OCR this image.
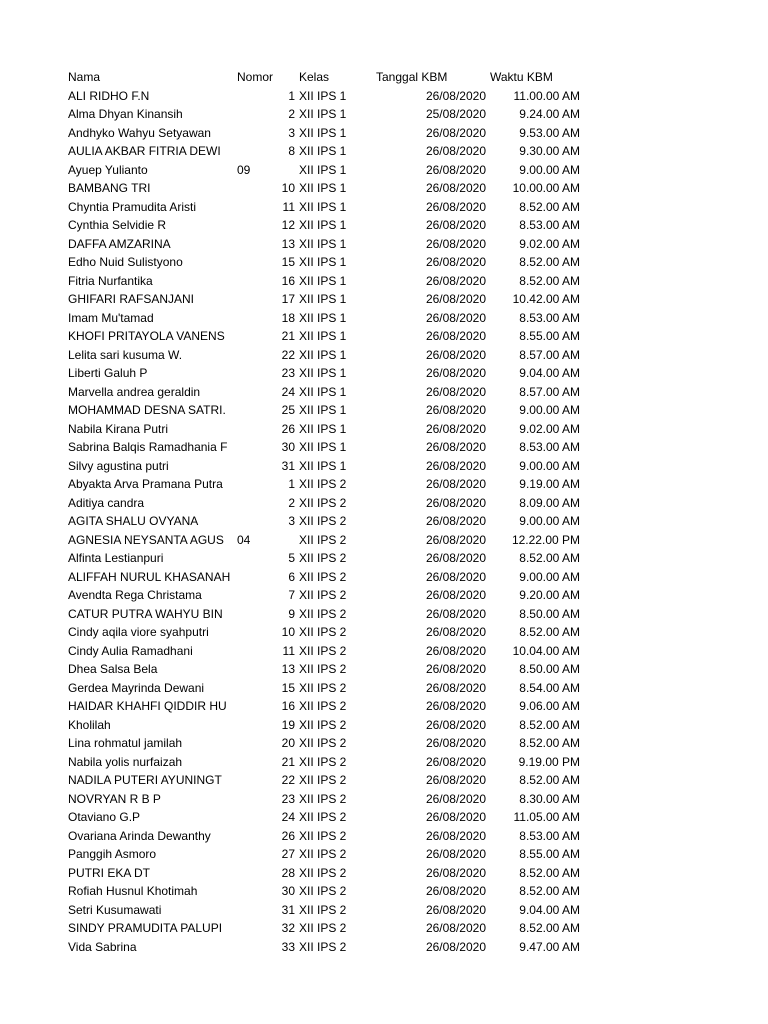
Nama	Nomor	Kelas	Tanggal KBM	Waktu KBM
ALI RIDHO F.N	1 XII IPS 1	26/08/2020	11.00.00 AM
Alma Dhyan Kinansih	2 XII IPS 1	25/08/2020	9.24.00 AM
Andhyko Wahyu Setyawan	3 XII IPS 1	26/08/2020	9.53.00 AM
AULIA AKBAR FITRIA DEWI	8 XII IPS 1	26/08/2020	9.30.00 AM
Ayuep Yulianto	09	XII IPS 1	26/08/2020	9.00.00 AM
BAMBANG TRI	10 XII IPS 1	26/08/2020	10.00.00 AM
Chyntia Pramudita Aristi	11 XII IPS 1	26/08/2020	8.52.00 AM
Cynthia Selvidie R	12 XII IPS 1	26/08/2020	8.53.00 AM
DAFFA AMZARINA	13 XII IPS 1	26/08/2020	9.02.00 AM
Edho Nuid Sulistyono	15 XII IPS 1	26/08/2020	8.52.00 AM
Fitria Nurfantika	16 XII IPS 1	26/08/2020	8.52.00 AM
GHIFARI RAFSANJANI	17 XII IPS 1	26/08/2020	10.42.00 AM
Imam Mu'tamad	18 XII IPS 1	26/08/2020	8.53.00 AM
KHOFI PRITAYOLA VANENS	21 XII IPS 1	26/08/2020	8.55.00 AM
Lelita sari kusuma W.	22 XII IPS 1	26/08/2020	8.57.00 AM
Liberti Galuh P	23 XII IPS 1	26/08/2020	9.04.00 AM
Marvella andrea geraldin	24 XII IPS 1	26/08/2020	8.57.00 AM
MOHAMMAD DESNA SATRI.	25 XII IPS 1	26/08/2020	9.00.00 AM
Nabila Kirana Putri	26 XII IPS 1	26/08/2020	9.02.00 AM
Sabrina Balqis Ramadhania F	30 XII IPS 1	26/08/2020	8.53.00 AM
Silvy agustina putri	31 XII IPS 1	26/08/2020	9.00.00 AM
Abyakta Arva Pramana Putra	1 XII IPS 2	26/08/2020	9.19.00 AM
Aditiya candra	2 XII IPS 2	26/08/2020	8.09.00 AM
AGITA SHALU OVYANA	3 XII IPS 2	26/08/2020	9.00.00 AM
AGNESIA NEYSANTA AGUS	04	XII IPS 2	26/08/2020	12.22.00 PM
Alfinta Lestianpuri	5 XII IPS 2	26/08/2020	8.52.00 AM
ALIFFAH NURUL KHASANAH	6 XII IPS 2	26/08/2020	9.00.00 AM
Avendta Rega Christama	7 XII IPS 2	26/08/2020	9.20.00 AM
CATUR PUTRA WAHYU BIN	9 XII IPS 2	26/08/2020	8.50.00 AM
Cindy aqila viore syahputri	10 XII IPS 2	26/08/2020	8.52.00 AM
Cindy Aulia Ramadhani	11 XII IPS 2	26/08/2020	10.04.00 AM
Dhea Salsa Bela	13 XII IPS 2	26/08/2020	8.50.00 AM
Gerdea Mayrinda Dewani	15 XII IPS 2	26/08/2020	8.54.00 AM
HAIDAR KHAHFI QIDDIR HU	16 XII IPS 2	26/08/2020	9.06.00 AM
Kholilah	19 XII IPS 2	26/08/2020	8.52.00 AM
Lina rohmatul jamilah	20 XII IPS 2	26/08/2020	8.52.00 AM
Nabila yolis nurfaizah	21 XII IPS 2	26/08/2020	9.19.00 PM
NADILA PUTERI AYUNINGT	22 XII IPS 2	26/08/2020	8.52.00 AM
NOVRYAN R B P	23 XII IPS 2	26/08/2020	8.30.00 AM
Otaviano G.P	24 XII IPS 2	26/08/2020	11.05.00 AM
Ovariana Arinda Dewanthy	26 XII IPS 2	26/08/2020	8.53.00 AM
Panggih Asmoro	27 XII IPS 2	26/08/2020	8.55.00 AM
PUTRI EKA DT	28 XII IPS 2	26/08/2020	8.52.00 AM
Rofiah Husnul Khotimah	30 XII IPS 2	26/08/2020	8.52.00 AM
Setri Kusumawati	31 XII IPS 2	26/08/2020	9.04.00 AM
SINDY PRAMUDITA PALUPI	32 XII IPS 2	26/08/2020	8.52.00 AM
Vida Sabrina	33 XII IPS 2	26/08/2020	9.47.00 AM
